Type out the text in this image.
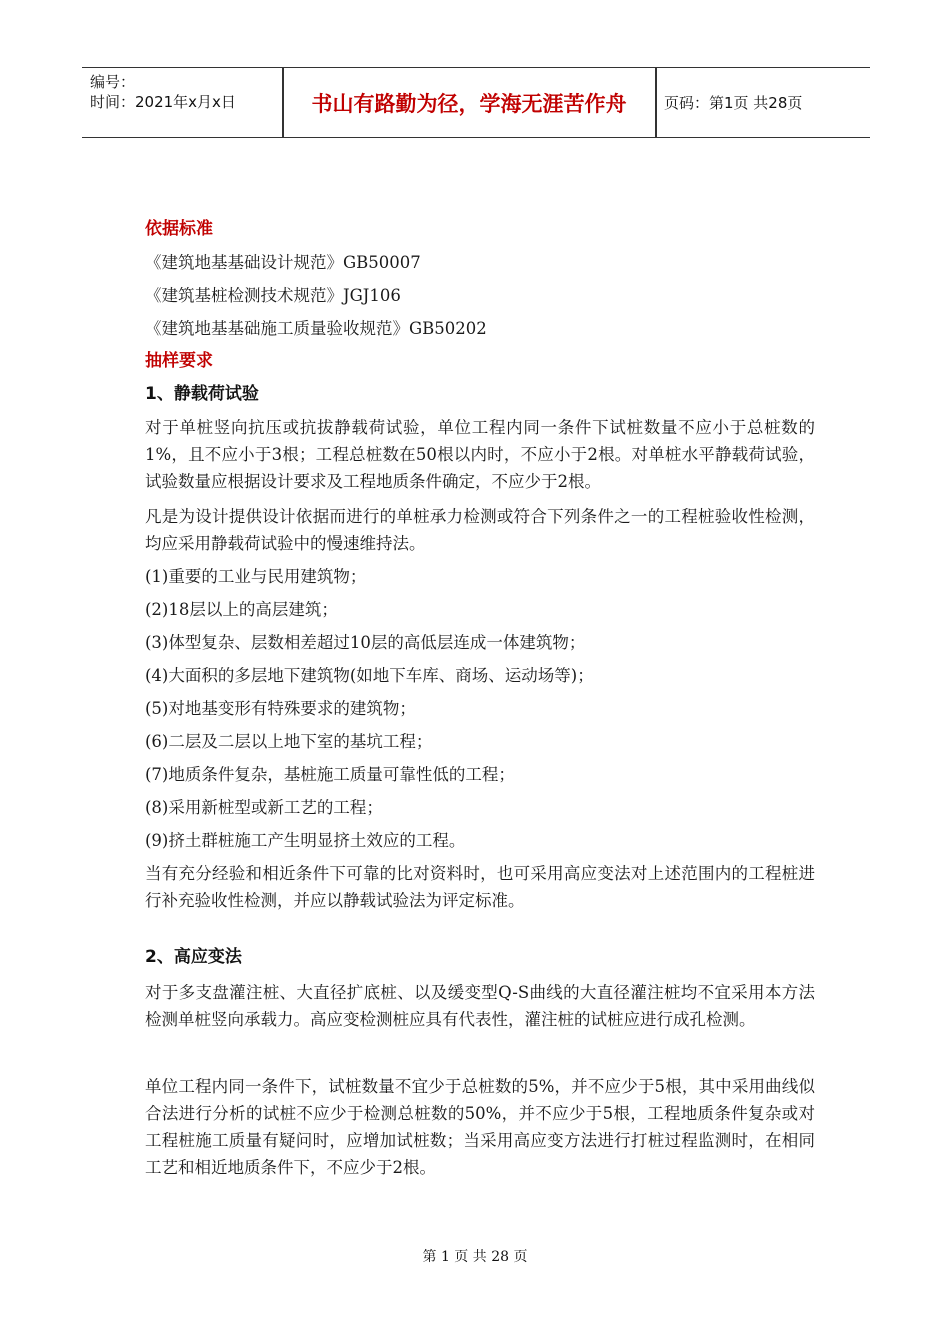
编号：
时间：2021年x月x日	书山有路勤为径，学海无涯苦作舟	页码：第1页 共28页

依据标准

《建筑地基基础设计规范》GB50007

《建筑基桩检测技术规范》JGJ106

《建筑地基基础施工质量验收规范》GB50202

抽样要求

1、静载荷试验

对于单桩竖向抗压或抗拔静载荷试验，单位工程内同一条件下试桩数量不应小于总桩数的1%，且不应小于3根；工程总桩数在50根以内时，不应小于2根。对单桩水平静载荷试验，试验数量应根据设计要求及工程地质条件确定，不应少于2根。

凡是为设计提供设计依据而进行的单桩承力检测或符合下列条件之一的工程桩验收性检测，均应采用静载荷试验中的慢速维持法。

(1)重要的工业与民用建筑物；

(2)18层以上的高层建筑；

(3)体型复杂、层数相差超过10层的高低层连成一体建筑物；

(4)大面积的多层地下建筑物(如地下车库、商场、运动场等)；

(5)对地基变形有特殊要求的建筑物；

(6)二层及二层以上地下室的基坑工程；

(7)地质条件复杂，基桩施工质量可靠性低的工程；

(8)采用新桩型或新工艺的工程；

(9)挤土群桩施工产生明显挤土效应的工程。

当有充分经验和相近条件下可靠的比对资料时，也可采用高应变法对上述范围内的工程桩进行补充验收性检测，并应以静载试验法为评定标准。

2、高应变法

对于多支盘灌注桩、大直径扩底桩、以及缓变型Q-S曲线的大直径灌注桩均不宜采用本方法检测单桩竖向承载力。高应变检测桩应具有代表性，灌注桩的试桩应进行成孔检测。

单位工程内同一条件下，试桩数量不宜少于总桩数的5%，并不应少于5根，其中采用曲线似合法进行分析的试桩不应少于检测总桩数的50%，并不应少于5根，工程地质条件复杂或对工程桩施工质量有疑问时，应增加试桩数；当采用高应变方法进行打桩过程监测时，在相同工艺和相近地质条件下，不应少于2根。

第 1 页 共 28 页
